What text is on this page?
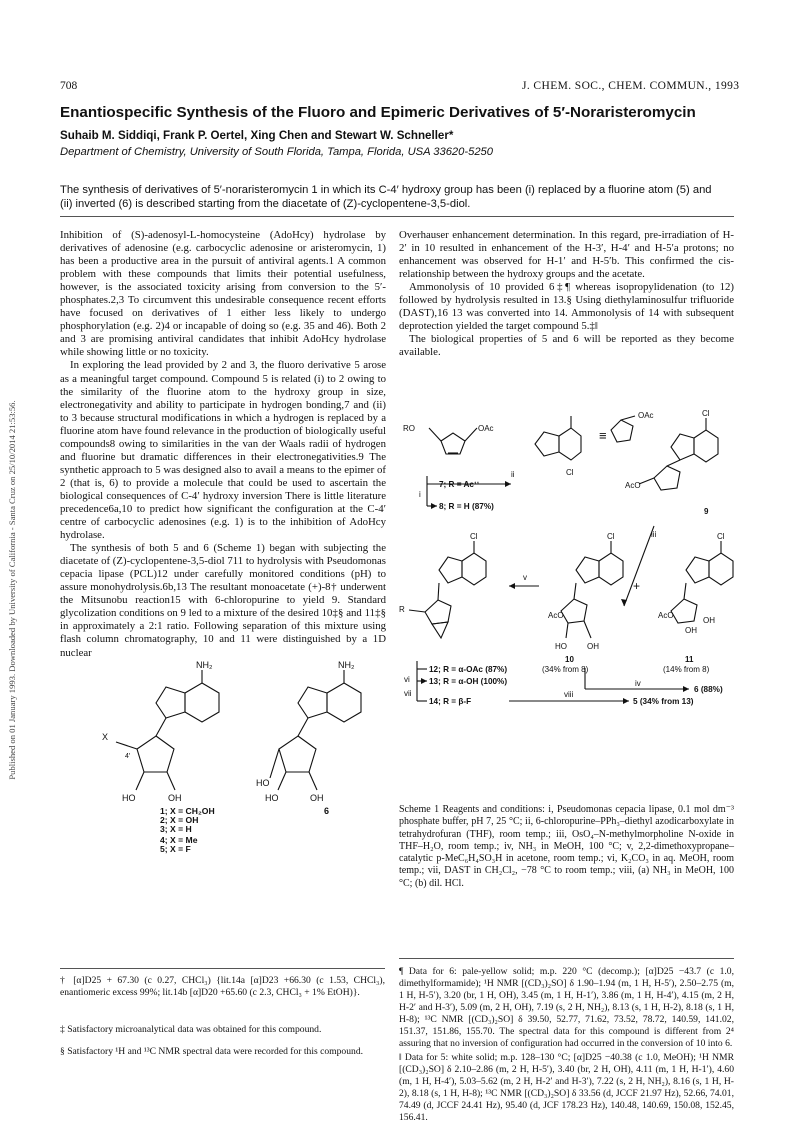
Published on 01 January 1993. Downloaded by University of California - Santa Cruz on 25/10/2014 21:53:56.
708	J. CHEM. SOC., CHEM. COMMUN., 1993
Enantiospecific Synthesis of the Fluoro and Epimeric Derivatives of 5′-Noraristeromycin
Suhaib M. Siddiqi, Frank P. Oertel, Xing Chen and Stewart W. Schneller*
Department of Chemistry, University of South Florida, Tampa, Florida, USA 33620-5250
The synthesis of derivatives of 5′-noraristeromycin 1 in which its C-4′ hydroxy group has been (i) replaced by a fluorine atom (5) and (ii) inverted (6) is described starting from the diacetate of (Z)-cyclopentene-3,5-diol.

Inhibition of (S)-adenosyl-L-homocysteine (AdoHcy) hydrolase by derivatives of adenosine (e.g. carbocyclic adenosine or aristeromycin, 1) has been a productive area in the pursuit of antiviral agents.1 A common problem with these compounds that limits their potential usefulness, however, is the associated toxicity arising from conversion to the 5′-phosphates.2,3 To circumvent this undesirable consequence recent efforts have focused on derivatives of 1 either less likely to undergo phosphorylation (e.g. 2)4 or incapable of doing so (e.g. 35 and 46). Both 2 and 3 are promising antiviral candidates that inhibit AdoHcy hydrolase while showing little or no toxicity.

In exploring the lead provided by 2 and 3, the fluoro derivative 5 arose as a meaningful target compound. Compound 5 is related (i) to 2 owing to the similarity of the fluorine atom to the hydroxy group in size, electronegativity and ability to participate in hydrogen bonding,7 and (ii) to 3 because structural modifications in which a hydrogen is replaced by a fluorine atom have found relevance in the production of biologically useful compounds8 owing to similarities in the van der Waals radii of hydrogen and fluorine but dramatic differences in their electronegativities.9 The synthetic approach to 5 was designed also to avail a means to the epimer of 2 (that is, 6) to provide a molecule that could be used to ascertain the biological consequences of C-4′ hydroxy inversion There is little literature precedence6a,10 to predict how significant the configuration at the C-4′ centre of carbocyclic adenosines (e.g. 1) is to the inhibition of AdoHcy hydrolase.

The synthesis of both 5 and 6 (Scheme 1) began with subjecting the diacetate of (Z)-cyclopentene-3,5-diol 711 to hydrolysis with Pseudomonas cepacia lipase (PCL)12 under carefully monitored conditions (pH) to assure monohydrolysis.6b,13 The resultant monoacetate (+)-8† underwent the Mitsunobu reaction15 with 6-chloropurine to yield 9. Standard glycolization conditions on 9 led to a mixture of the desired 10‡§ and 11‡§ in approximately a 2:1 ratio. Following separation of this mixture using flash column chromatography, 10 and 11 were distinguished by a 1D nuclear

Overhauser enhancement determination. In this regard, pre-irradiation of H-2′ in 10 resulted in enhancement of the H-3′, H-4′ and H-5′a protons; no enhancement was observed for H-1′ and H-5′b. This confirmed the cis-relationship between the hydroxy groups and the acetate.

Ammonolysis of 10 provided 6‡¶ whereas isopropylidenation (to 12) followed by hydrolysis resulted in 13.§ Using diethylaminosulfur trifluoride (DAST),16 13 was converted into 14. Ammonolysis of 14 with subsequent deprotection yielded the target compound 5.‡‖

The biological properties of 5 and 6 will be reported as they become available.

NH₂	NH₂
X
HO	OH
HO
HO	OH
4′
6
1; X = CH₂OH
2; X = OH
3; X = H
4; X = Me
5; X = F
RO	OAc
OAc
Cl
Cl
Cl	Cl	Cl
AcO
AcO	AcO
HO	OH
OH
OH
R
≡
+
9
10	11
(34% from 8)	(14% from 8)
i
ii
iii
iv
v
vi
vii	viii
7; R = Ac¹¹
8; R = H (87%)
12; R = α-OAc (87%)
13; R = α-OH (100%)
14; R = β-F
6 (88%)
5 (34% from 13)
Scheme 1 Reagents and conditions: i, Pseudomonas cepacia lipase, 0.1 mol dm⁻³ phosphate buffer, pH 7, 25 °C; ii, 6-chloropurine–PPh₃–diethyl azodicarboxylate in tetrahydrofuran (THF), room temp.; iii, OsO₄–N-methylmorpholine N-oxide in THF–H₂O, room temp.; iv, NH₃ in MeOH, 100 °C; v, 2,2-dimethoxypropane–catalytic p-MeC₆H₄SO₃H in acetone, room temp.; vi, K₂CO₃ in aq. MeOH, room temp.; vii, DAST in CH₂Cl₂, −78 °C to room temp.; viii, (a) NH₃ in MeOH, 100 °C; (b) dil. HCl.
¶ Data for 6: pale-yellow solid; m.p. 220 °C (decomp.); [α]D25 −43.7 (c 1.0, dimethylformamide); ¹H NMR [(CD₃)₂SO] δ 1.90–1.94 (m, 1 H, H-5′), 2.50–2.75 (m, 1 H, H-5′), 3.20 (br, 1 H, OH), 3.45 (m, 1 H, H-1′), 3.86 (m, 1 H, H-4′), 4.15 (m, 2 H, H-2′ and H-3′), 5.09 (m, 2 H, OH), 7.19 (s, 2 H, NH₂), 8.13 (s, 1 H, H-2), 8.18 (s, 1 H, H-8); ¹³C NMR [(CD₃)₂SO] δ 39.50, 52.77, 71.62, 73.52, 78.72, 140.59, 141.02, 151.37, 151.86, 155.70. The spectral data for this compound is different from 2⁴ assuring that no inversion of configuration had occurred in the conversion of 10 into 6.
‖ Data for 5: white solid; m.p. 128–130 °C; [α]D25 −40.38 (c 1.0, MeOH); ¹H NMR [(CD₃)₂SO] δ 2.10–2.86 (m, 2 H, H-5′), 3.40 (br, 2 H, OH), 4.11 (m, 1 H, H-1′), 4.60 (m, 1 H, H-4′), 5.03–5.62 (m, 2 H, H-2′ and H-3′), 7.22 (s, 2 H, NH₂), 8.16 (s, 1 H, H-2), 8.18 (s, 1 H, H-8); ¹³C NMR [(CD₃)₂SO] δ 33.56 (d, JCCF 21.97 Hz), 52.66, 74.01, 74.49 (d, JCCF 24.41 Hz), 95.40 (d, JCF 178.23 Hz), 140.48, 140.69, 150.08, 152.45, 156.41.
† [α]D25 + 67.30 (c 0.27, CHCl₃) {lit.14a [α]D23 +66.30 (c 1.53, CHCl₃), enantiomeric excess 99%; lit.14b [α]D20 +65.60 (c 2.3, CHCl₃ + 1% EtOH)}.
‡ Satisfactory microanalytical data was obtained for this compound.
§ Satisfactory ¹H and ¹³C NMR spectral data were recorded for this compound.
